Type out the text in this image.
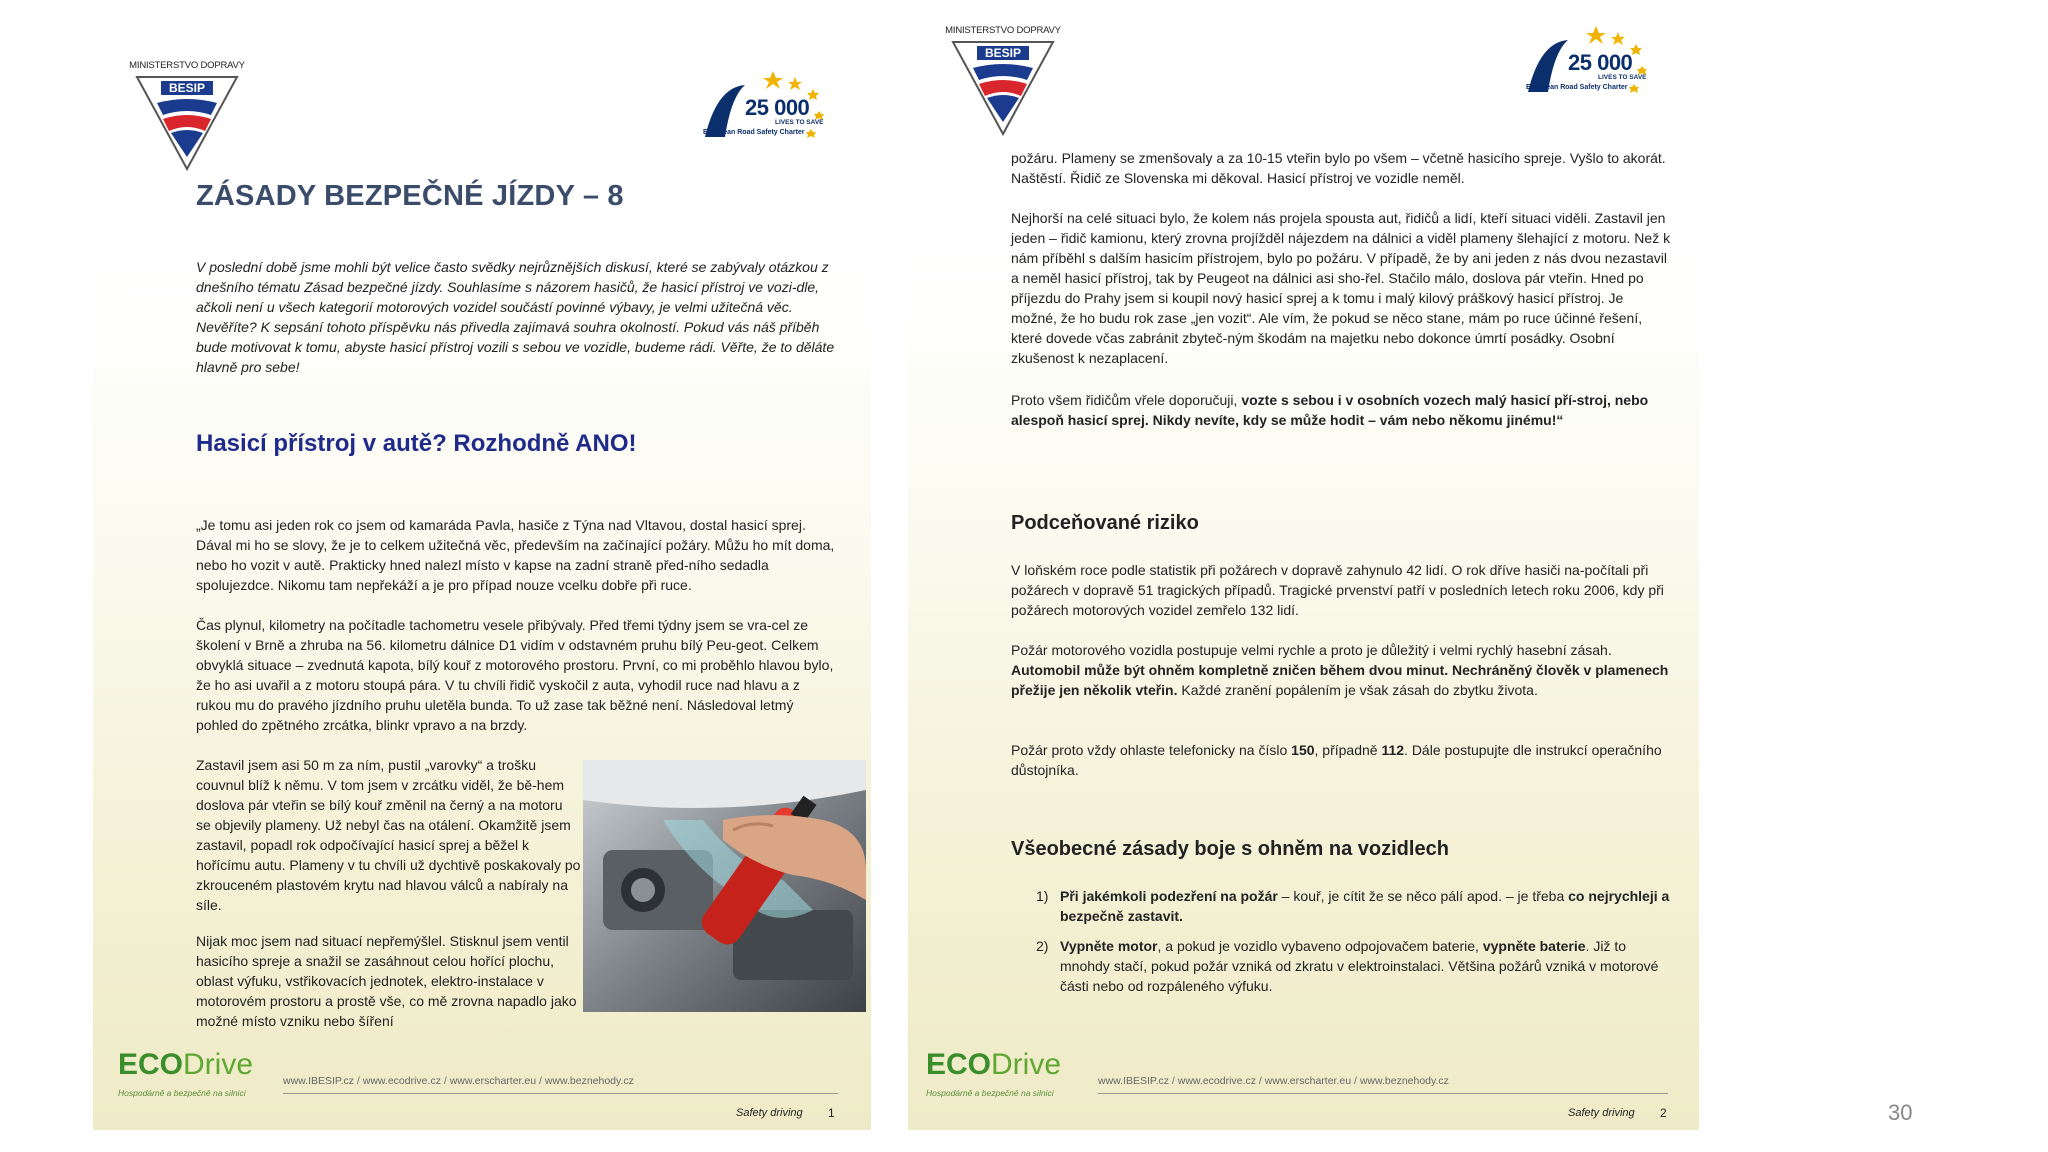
MINISTERSTVO DOPRAVY
BESIP
25 000
LIVES TO SAVE
European Road Safety Charter
ZÁSADY BEZPEČNÉ JÍZDY – 8
V poslední době jsme mohli být velice často svědky nejrůznějších diskusí, které se zabývaly otázkou z dnešního tématu Zásad bezpečné jízdy. Souhlasíme s názorem hasičů, že hasicí přístroj ve vozi-dle, ačkoli není u všech kategorií motorových vozidel součástí povinné výbavy, je velmi užitečná věc. Nevěříte? K sepsání tohoto příspěvku nás přivedla zajímavá souhra okolností. Pokud vás náš příběh bude motivovat k tomu, abyste hasicí přístroj vozili s sebou ve vozidle, budeme rádi. Věřte, že to děláte hlavně pro sebe!
Hasicí přístroj v autě? Rozhodně ANO!
„Je tomu asi jeden rok co jsem od kamaráda Pavla, hasiče z Týna nad Vltavou, dostal hasicí sprej. Dával mi ho se slovy, že je to celkem užitečná věc, především na začínající požáry. Můžu ho mít doma, nebo ho vozit v autě. Prakticky hned nalezl místo v kapse na zadní straně před-ního sedadla spolujezdce. Nikomu tam nepřekáží a je pro případ nouze vcelku dobře při ruce.
Čas plynul, kilometry na počítadle tachometru vesele přibývaly. Před třemi týdny jsem se vra-cel ze školení v Brně a zhruba na 56. kilometru dálnice D1 vidím v odstavném pruhu bílý Peu-geot. Celkem obvyklá situace – zvednutá kapota, bílý kouř z motorového prostoru. První, co mi proběhlo hlavou bylo, že ho asi uvařil a z motoru stoupá pára. V tu chvíli řidič vyskočil z auta, vyhodil ruce nad hlavu a z rukou mu do pravého jízdního pruhu uletěla bunda. To už zase tak běžné není. Následoval letmý pohled do zpětného zrcátka, blinkr vpravo a na brzdy.
Zastavil jsem asi 50 m za ním, pustil „varovky“ a trošku couvnul blíž k němu. V tom jsem v zrcátku viděl, že bě-hem doslova pár vteřin se bílý kouř změnil na černý a na motoru se objevily plameny. Už nebyl čas na otálení. Okamžitě jsem zastavil, popadl rok odpočívající hasicí sprej a běžel k hořícímu autu. Plameny v tu chvíli už dychtivě poskakovaly po zkrouceném plastovém krytu nad hlavou válců a nabíraly na síle.
Nijak moc jsem nad situací nepřemýšlel. Stisknul jsem ventil hasicího spreje a snažil se zasáhnout celou hořící plochu, oblast výfuku, vstřikovacích jednotek, elektro-instalace v motorovém prostoru a prostě vše, co mě zrovna napadlo jako možné místo vzniku nebo šíření
ECODrive
Hospodárně a bezpečně na silnici
www.IBESIP.cz / www.ecodrive.cz / www.erscharter.eu / www.beznehody.cz
Safety driving 1
MINISTERSTVO DOPRAVY
BESIP	25 000
LIVES TO SAVE
European Road Safety Charter
požáru. Plameny se zmenšovaly a za 10-15 vteřin bylo po všem – včetně hasicího spreje. Vyšlo to akorát. Naštěstí. Řidič ze Slovenska mi děkoval. Hasicí přístroj ve vozidle neměl.
Nejhorší na celé situaci bylo, že kolem nás projela spousta aut, řidičů a lidí, kteří situaci viděli. Zastavil jen jeden – řidič kamionu, který zrovna projížděl nájezdem na dálnici a viděl plameny šlehající z motoru. Než k nám příběhl s dalším hasicím přístrojem, bylo po požáru. V případě, že by ani jeden z nás dvou nezastavil a neměl hasicí přístroj, tak by Peugeot na dálnici asi sho-řel. Stačilo málo, doslova pár vteřin. Hned po příjezdu do Prahy jsem si koupil nový hasicí sprej a k tomu i malý kilový práškový hasicí přístroj. Je možné, že ho budu rok zase „jen vozit“. Ale vím, že pokud se něco stane, mám po ruce účinné řešení, které dovede včas zabránit zbyteč-ným škodám na majetku nebo dokonce úmrtí posádky. Osobní zkušenost k nezaplacení.
Proto všem řidičům vřele doporučuji, vozte s sebou i v osobních vozech malý hasicí pří-stroj, nebo alespoň hasicí sprej. Nikdy nevíte, kdy se může hodit – vám nebo někomu jinému!“
Podceňované riziko
V loňském roce podle statistik při požárech v dopravě zahynulo 42 lidí. O rok dříve hasiči na-počítali při požárech v dopravě 51 tragických případů. Tragické prvenství patří v posledních letech roku 2006, kdy při požárech motorových vozidel zemřelo 132 lidí.
Požár motorového vozidla postupuje velmi rychle a proto je důležitý i velmi rychlý hasební zásah. Automobil může být ohněm kompletně zničen během dvou minut. Nechráněný člověk v plamenech přežije jen několik vteřin. Každé zranění popálením je však zásah do zbytku života.
Požár proto vždy ohlaste telefonicky na číslo 150, případně 112. Dále postupujte dle instrukcí operačního důstojníka.
Všeobecné zásady boje s ohněm na vozidlech
1) Při jakémkoli podezření na požár – kouř, je cítit že se něco pálí apod. – je třeba co nejrychleji a bezpečně zastavit.
2) Vypněte motor, a pokud je vozidlo vybaveno odpojovačem baterie, vypněte baterie. Již to mnohdy stačí, pokud požár vzniká od zkratu v elektroinstalaci. Většina požárů vzniká v motorové části nebo od rozpáleného výfuku.
ECODrive
Hospodárně a bezpečně na silnici
www.IBESIP.cz / www.ecodrive.cz / www.erscharter.eu / www.beznehody.cz
Safety driving 2	30
